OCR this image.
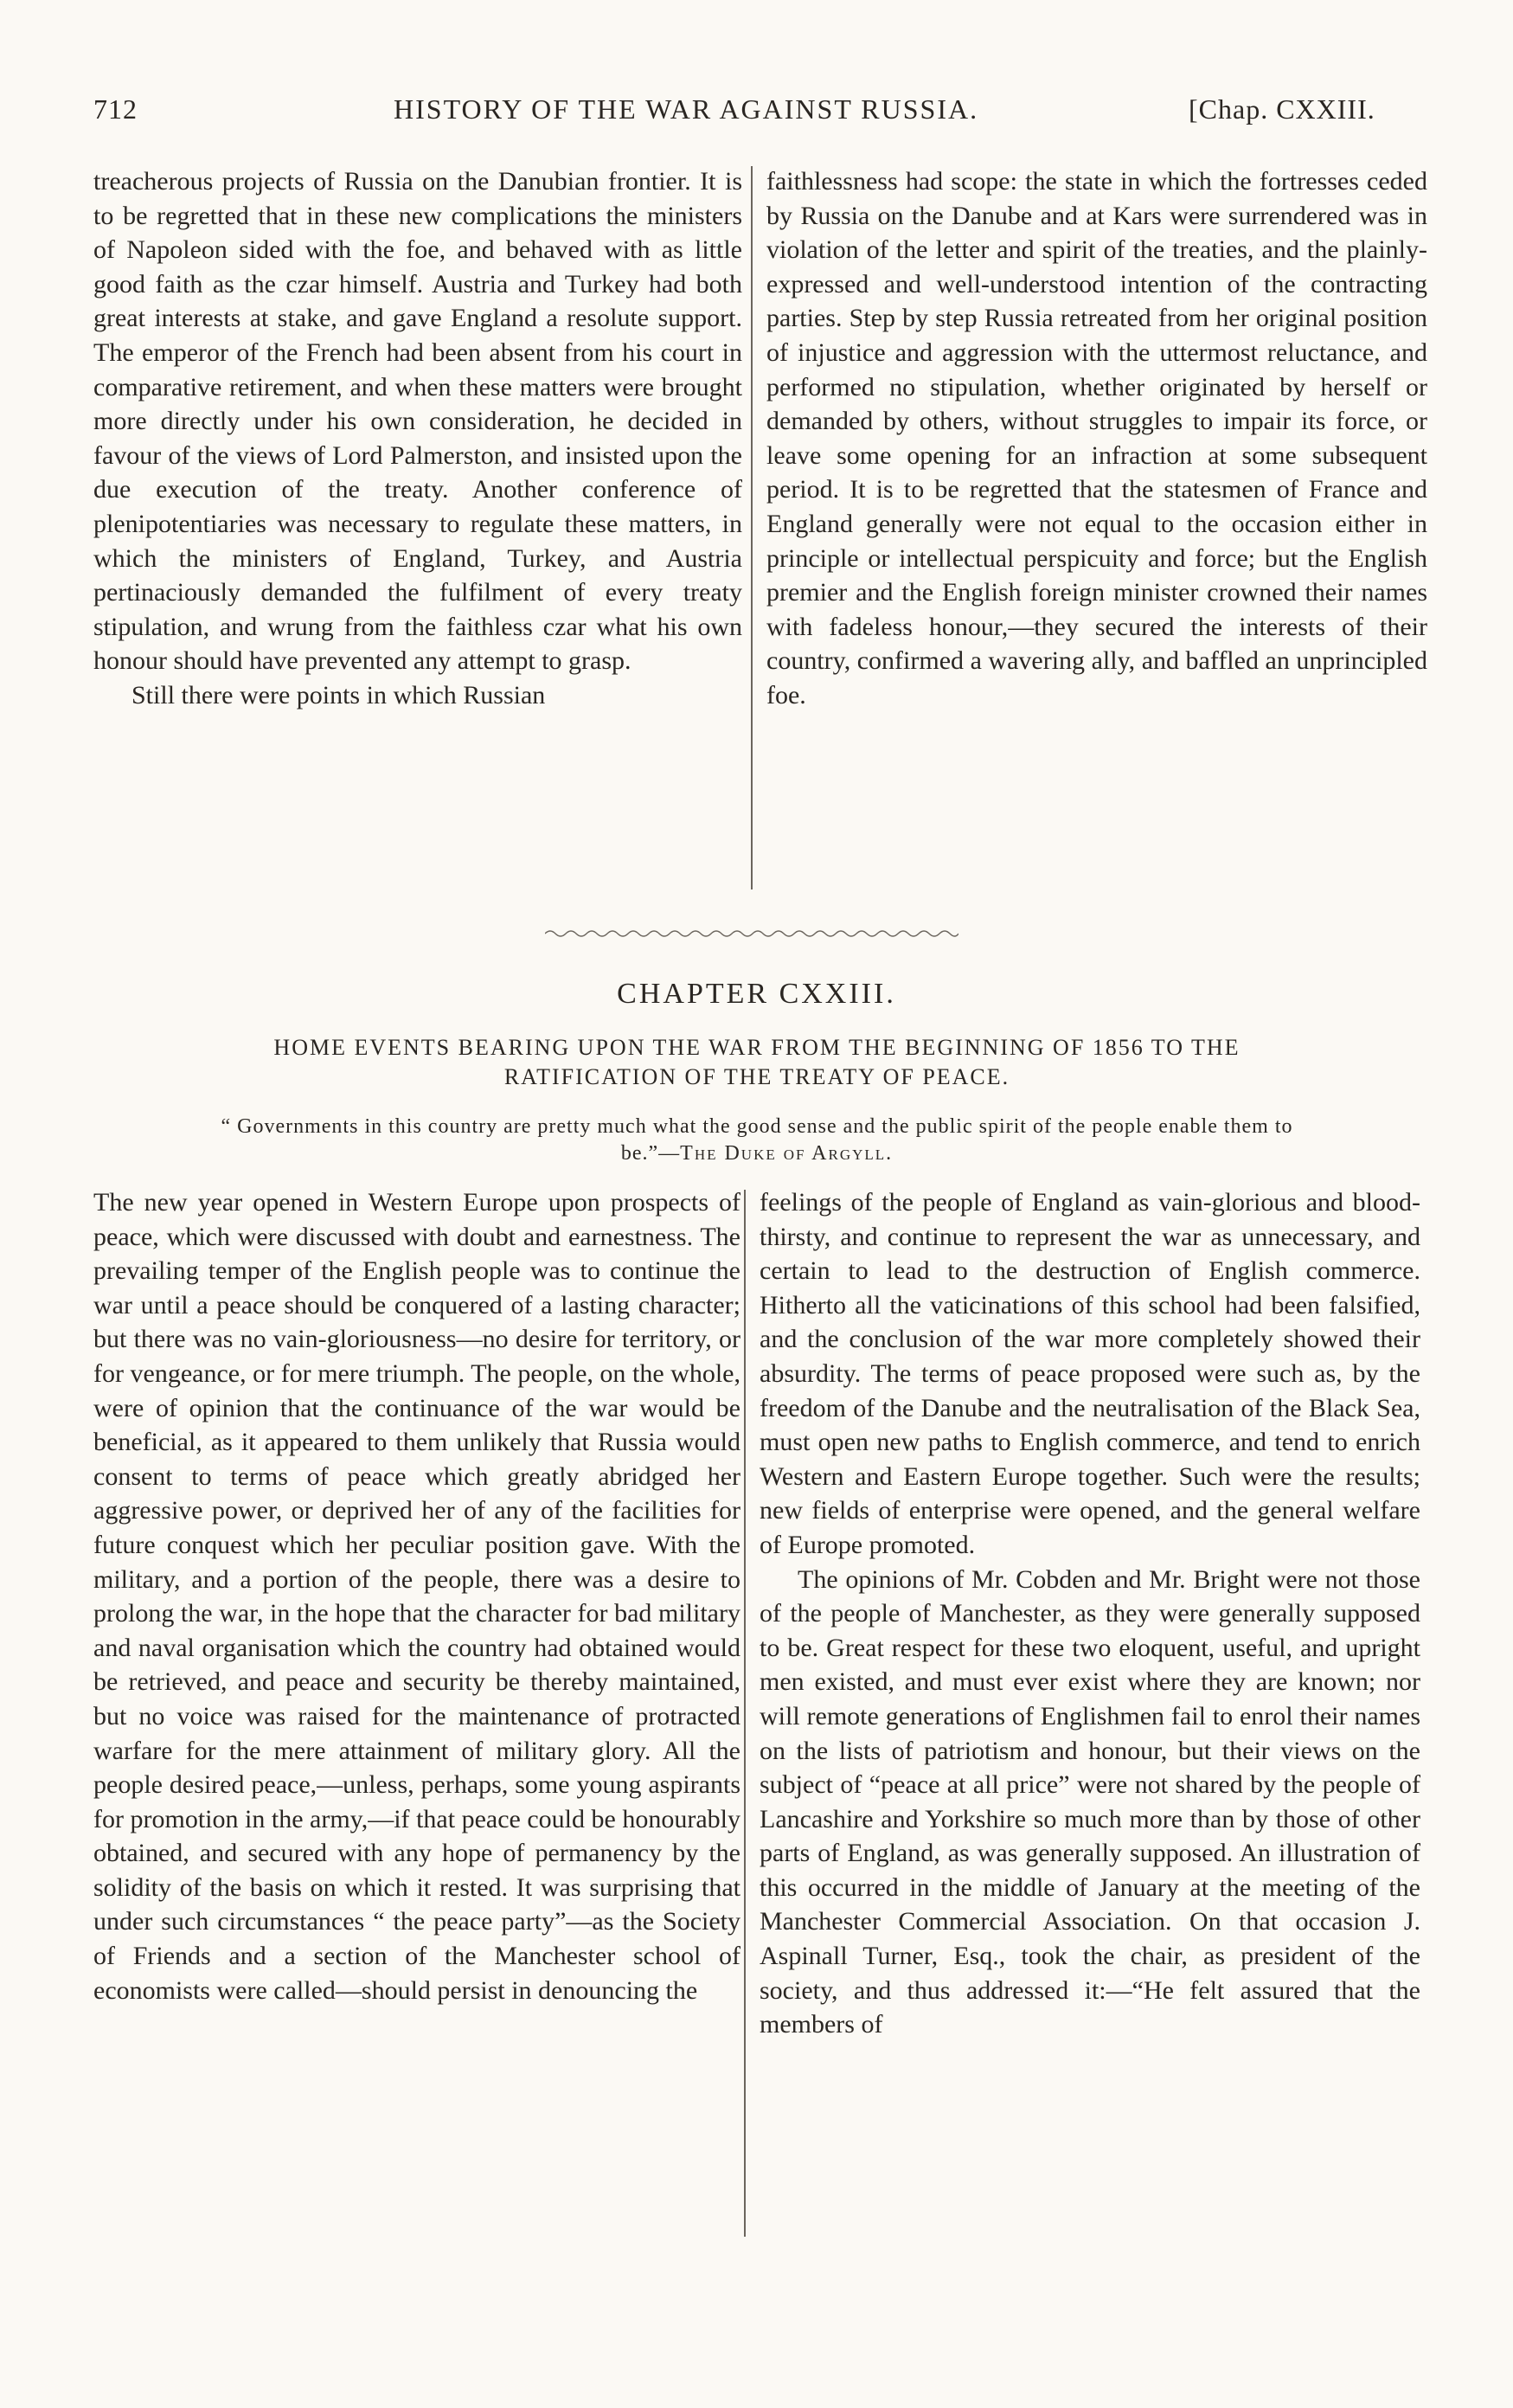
712	HISTORY OF THE WAR AGAINST RUSSIA.	[Chap. CXXIII.

treacherous projects of Russia on the Danubian frontier. It is to be regretted that in these new complications the ministers of Napoleon sided with the foe, and behaved with as little good faith as the czar himself. Austria and Turkey had both great interests at stake, and gave England a resolute support. The emperor of the French had been absent from his court in comparative retirement, and when these matters were brought more directly under his own consideration, he decided in favour of the views of Lord Palmerston, and insisted upon the due execution of the treaty. Another conference of plenipotentiaries was necessary to regulate these matters, in which the ministers of England, Turkey, and Austria pertinaciously demanded the fulfilment of every treaty stipulation, and wrung from the faithless czar what his own honour should have prevented any attempt to grasp.

Still there were points in which Russian

faithlessness had scope: the state in which the fortresses ceded by Russia on the Danube and at Kars were surrendered was in violation of the letter and spirit of the treaties, and the plainly-expressed and well-understood intention of the contracting parties. Step by step Russia retreated from her original position of injustice and aggression with the uttermost reluctance, and performed no stipulation, whether originated by herself or demanded by others, without struggles to impair its force, or leave some opening for an infraction at some subsequent period. It is to be regretted that the statesmen of France and England generally were not equal to the occasion either in principle or intellectual perspicuity and force; but the English premier and the English foreign minister crowned their names with fadeless honour,—they secured the interests of their country, confirmed a wavering ally, and baffled an unprincipled foe.

CHAPTER CXXIII.
HOME EVENTS BEARING UPON THE WAR FROM THE BEGINNING OF 1856 TO THE
RATIFICATION OF THE TREATY OF PEACE.
“ Governments in this country are pretty much what the good sense and the public spirit of the people enable them to be.”—The Duke of Argyll.

The new year opened in Western Europe upon prospects of peace, which were discussed with doubt and earnestness. The prevailing temper of the English people was to continue the war until a peace should be conquered of a lasting character; but there was no vain-gloriousness—no desire for territory, or for vengeance, or for mere triumph. The people, on the whole, were of opinion that the continuance of the war would be beneficial, as it appeared to them unlikely that Russia would consent to terms of peace which greatly abridged her aggressive power, or deprived her of any of the facilities for future conquest which her peculiar position gave. With the military, and a portion of the people, there was a desire to prolong the war, in the hope that the character for bad military and naval organisation which the country had obtained would be retrieved, and peace and security be thereby maintained, but no voice was raised for the maintenance of protracted warfare for the mere attainment of military glory. All the people desired peace,—unless, perhaps, some young aspirants for promotion in the army,—if that peace could be honourably obtained, and secured with any hope of permanency by the solidity of the basis on which it rested. It was surprising that under such circumstances “ the peace party”—as the Society of Friends and a section of the Manchester school of economists were called—should persist in denouncing the

feelings of the people of England as vain-glorious and blood-thirsty, and continue to represent the war as unnecessary, and certain to lead to the destruction of English commerce. Hitherto all the vaticinations of this school had been falsified, and the conclusion of the war more completely showed their absurdity. The terms of peace proposed were such as, by the freedom of the Danube and the neutralisation of the Black Sea, must open new paths to English commerce, and tend to enrich Western and Eastern Europe together. Such were the results; new fields of enterprise were opened, and the general welfare of Europe promoted.

The opinions of Mr. Cobden and Mr. Bright were not those of the people of Manchester, as they were generally supposed to be. Great respect for these two eloquent, useful, and upright men existed, and must ever exist where they are known; nor will remote generations of Englishmen fail to enrol their names on the lists of patriotism and honour, but their views on the subject of “peace at all price” were not shared by the people of Lancashire and Yorkshire so much more than by those of other parts of England, as was generally supposed. An illustration of this occurred in the middle of January at the meeting of the Manchester Commercial Association. On that occasion J. Aspinall Turner, Esq., took the chair, as president of the society, and thus addressed it:—“He felt assured that the members of
